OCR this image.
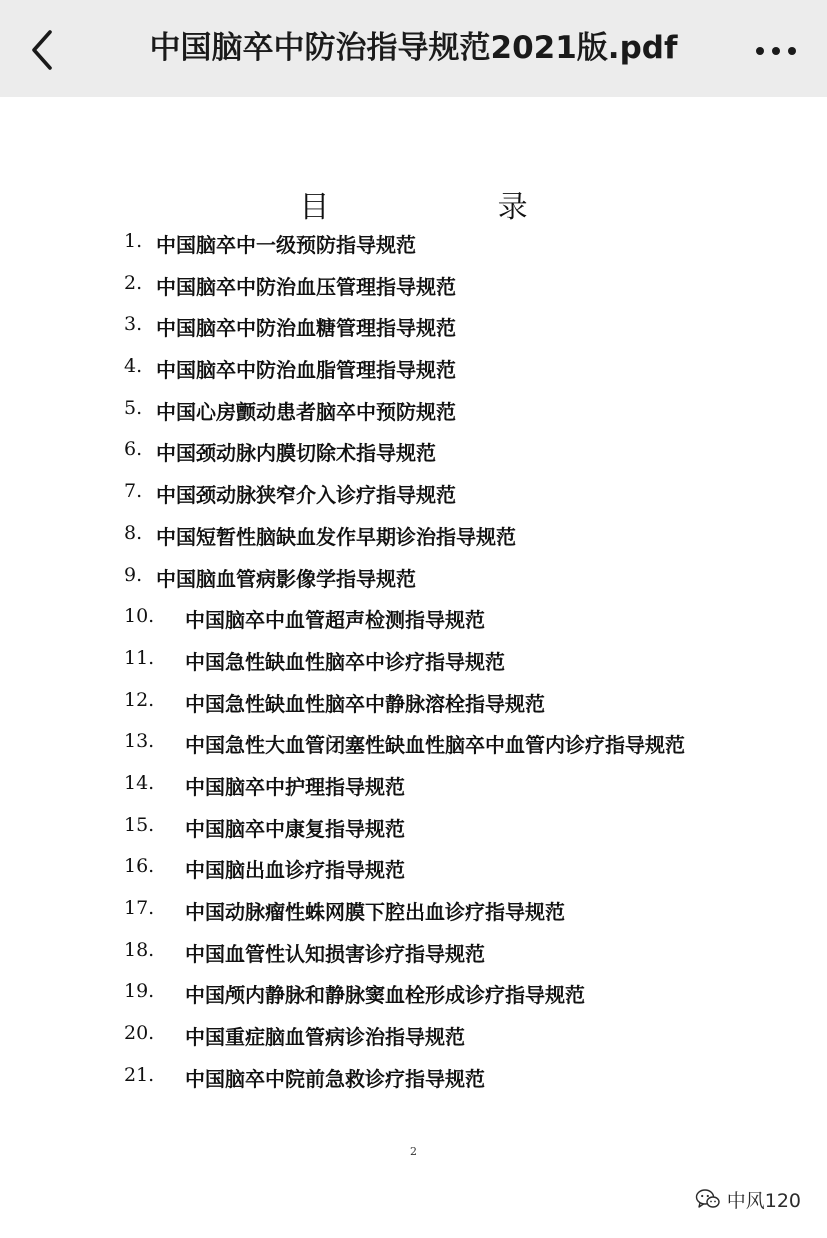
中国脑卒中防治指导规范2021版.pdf
目    录
1. 中国脑卒中一级预防指导规范
2. 中国脑卒中防治血压管理指导规范
3. 中国脑卒中防治血糖管理指导规范
4. 中国脑卒中防治血脂管理指导规范
5. 中国心房颤动患者脑卒中预防规范
6. 中国颈动脉内膜切除术指导规范
7. 中国颈动脉狭窄介入诊疗指导规范
8. 中国短暂性脑缺血发作早期诊治指导规范
9. 中国脑血管病影像学指导规范
10. 中国脑卒中血管超声检测指导规范
11. 中国急性缺血性脑卒中诊疗指导规范
12. 中国急性缺血性脑卒中静脉溶栓指导规范
13. 中国急性大血管闭塞性缺血性脑卒中血管内诊疗指导规范
14. 中国脑卒中护理指导规范
15. 中国脑卒中康复指导规范
16. 中国脑出血诊疗指导规范
17. 中国动脉瘤性蛛网膜下腔出血诊疗指导规范
18. 中国血管性认知损害诊疗指导规范
19. 中国颅内静脉和静脉窦血栓形成诊疗指导规范
20. 中国重症脑血管病诊治指导规范
21. 中国脑卒中院前急救诊疗指导规范
2
中风120
